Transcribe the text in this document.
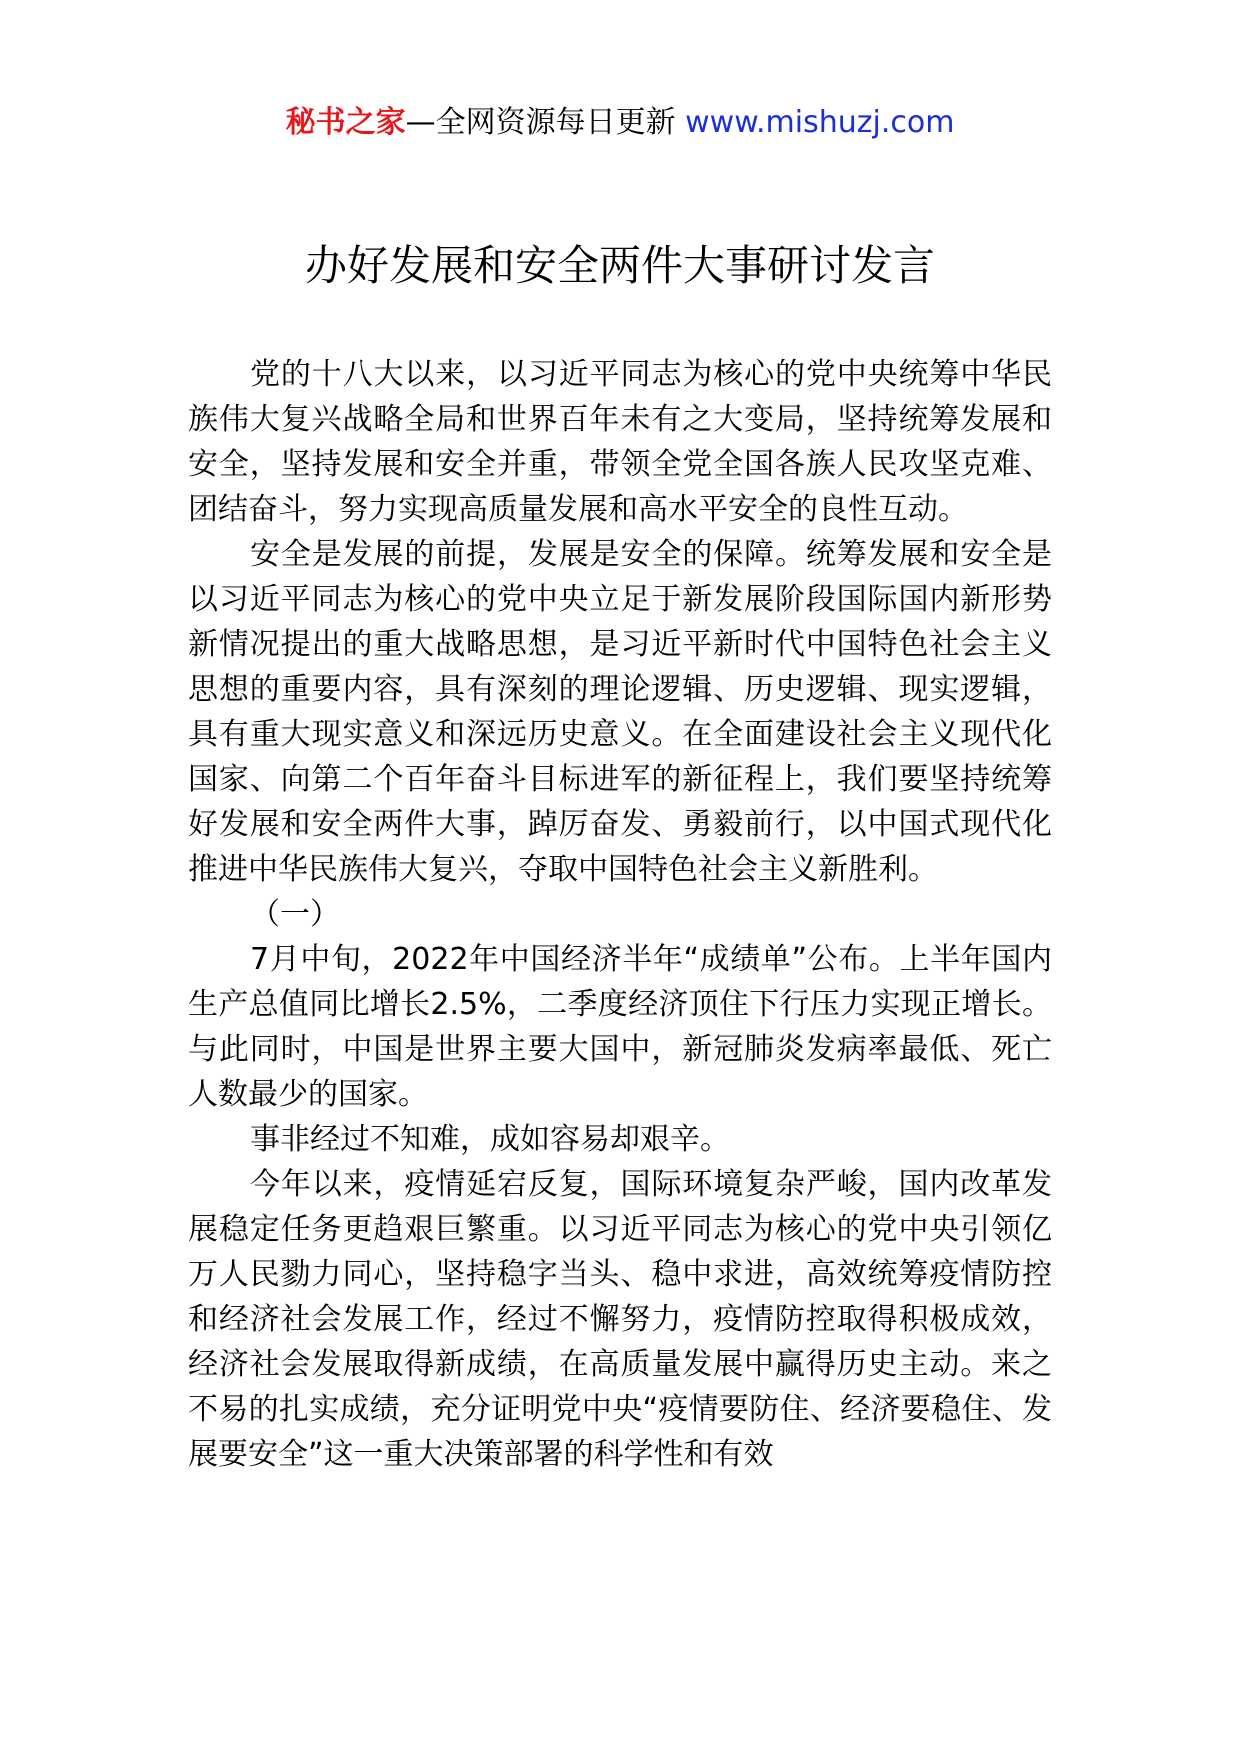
秘书之家—全网资源每日更新 www.mishuzj.com
办好发展和安全两件大事研讨发言

党的十八大以来，以习近平同志为核心的党中央统筹中华民族伟大复兴战略全局和世界百年未有之大变局，坚持统筹发展和安全，坚持发展和安全并重，带领全党全国各族人民攻坚克难、团结奋斗，努力实现高质量发展和高水平安全的良性互动。

安全是发展的前提，发展是安全的保障。统筹发展和安全是以习近平同志为核心的党中央立足于新发展阶段国际国内新形势新情况提出的重大战略思想，是习近平新时代中国特色社会主义思想的重要内容，具有深刻的理论逻辑、历史逻辑、现实逻辑，具有重大现实意义和深远历史意义。在全面建设社会主义现代化国家、向第二个百年奋斗目标进军的新征程上，我们要坚持统筹好发展和安全两件大事，踔厉奋发、勇毅前行，以中国式现代化推进中华民族伟大复兴，夺取中国特色社会主义新胜利。

（一）

7月中旬，2022年中国经济半年“成绩单”公布。上半年国内生产总值同比增长2.5%，二季度经济顶住下行压力实现正增长。与此同时，中国是世界主要大国中，新冠肺炎发病率最低、死亡人数最少的国家。

事非经过不知难，成如容易却艰辛。

今年以来，疫情延宕反复，国际环境复杂严峻，国内改革发展稳定任务更趋艰巨繁重。以习近平同志为核心的党中央引领亿万人民勠力同心，坚持稳字当头、稳中求进，高效统筹疫情防控和经济社会发展工作，经过不懈努力，疫情防控取得积极成效，经济社会发展取得新成绩，在高质量发展中赢得历史主动。来之不易的扎实成绩，充分证明党中央“疫情要防住、经济要稳住、发展要安全”这一重大决策部署的科学性和有效
